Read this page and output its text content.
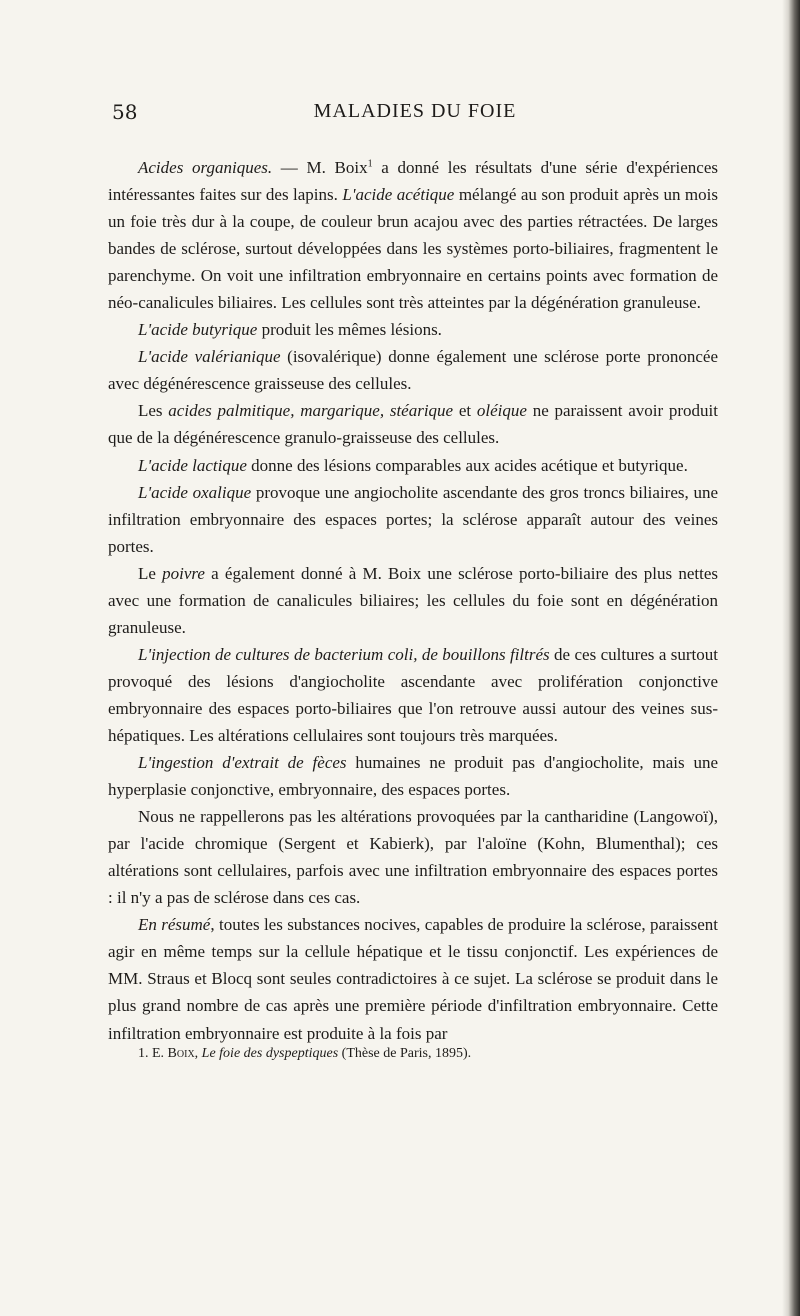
58	MALADIES DU FOIE

Acides organiques. — M. Boix$^1$ a donné les résultats d'une série d'expériences intéressantes faites sur des lapins. L'acide acétique mélangé au son produit après un mois un foie très dur à la coupe, de couleur brun acajou avec des parties rétractées. De larges bandes de sclérose, surtout développées dans les systèmes porto-biliaires, fragmentent le parenchyme. On voit une infiltration embryonnaire en certains points avec formation de néo-canalicules biliaires. Les cellules sont très atteintes par la dégénération granuleuse.

L'acide butyrique produit les mêmes lésions.

L'acide valérianique (isovalérique) donne également une sclérose porte prononcée avec dégénérescence graisseuse des cellules.

Les acides palmitique, margarique, stéarique et oléique ne paraissent avoir produit que de la dégénérescence granulo-graisseuse des cellules.

L'acide lactique donne des lésions comparables aux acides acétique et butyrique.

L'acide oxalique provoque une angiocholite ascendante des gros troncs biliaires, une infiltration embryonnaire des espaces portes; la sclérose apparaît autour des veines portes.

Le poivre a également donné à M. Boix une sclérose porto-biliaire des plus nettes avec une formation de canalicules biliaires; les cellules du foie sont en dégénération granuleuse.

L'injection de cultures de bacterium coli, de bouillons filtrés de ces cultures a surtout provoqué des lésions d'angiocholite ascendante avec prolifération conjonctive embryonnaire des espaces porto-biliaires que l'on retrouve aussi autour des veines sus-hépatiques. Les altérations cellulaires sont toujours très marquées.

L'ingestion d'extrait de fèces humaines ne produit pas d'angiocholite, mais une hyperplasie conjonctive, embryonnaire, des espaces portes.

Nous ne rappellerons pas les altérations provoquées par la cantharidine (Langowoï), par l'acide chromique (Sergent et Kabierk), par l'aloïne (Kohn, Blumenthal); ces altérations sont cellulaires, parfois avec une infiltration embryonnaire des espaces portes : il n'y a pas de sclérose dans ces cas.

En résumé, toutes les substances nocives, capables de produire la sclérose, paraissent agir en même temps sur la cellule hépatique et le tissu conjonctif. Les expériences de MM. Straus et Blocq sont seules contradictoires à ce sujet. La sclérose se produit dans le plus grand nombre de cas après une première période d'infiltration embryonnaire. Cette infiltration embryonnaire est produite à la fois par

1. E. Boix, Le foie des dyspeptiques (Thèse de Paris, 1895).
